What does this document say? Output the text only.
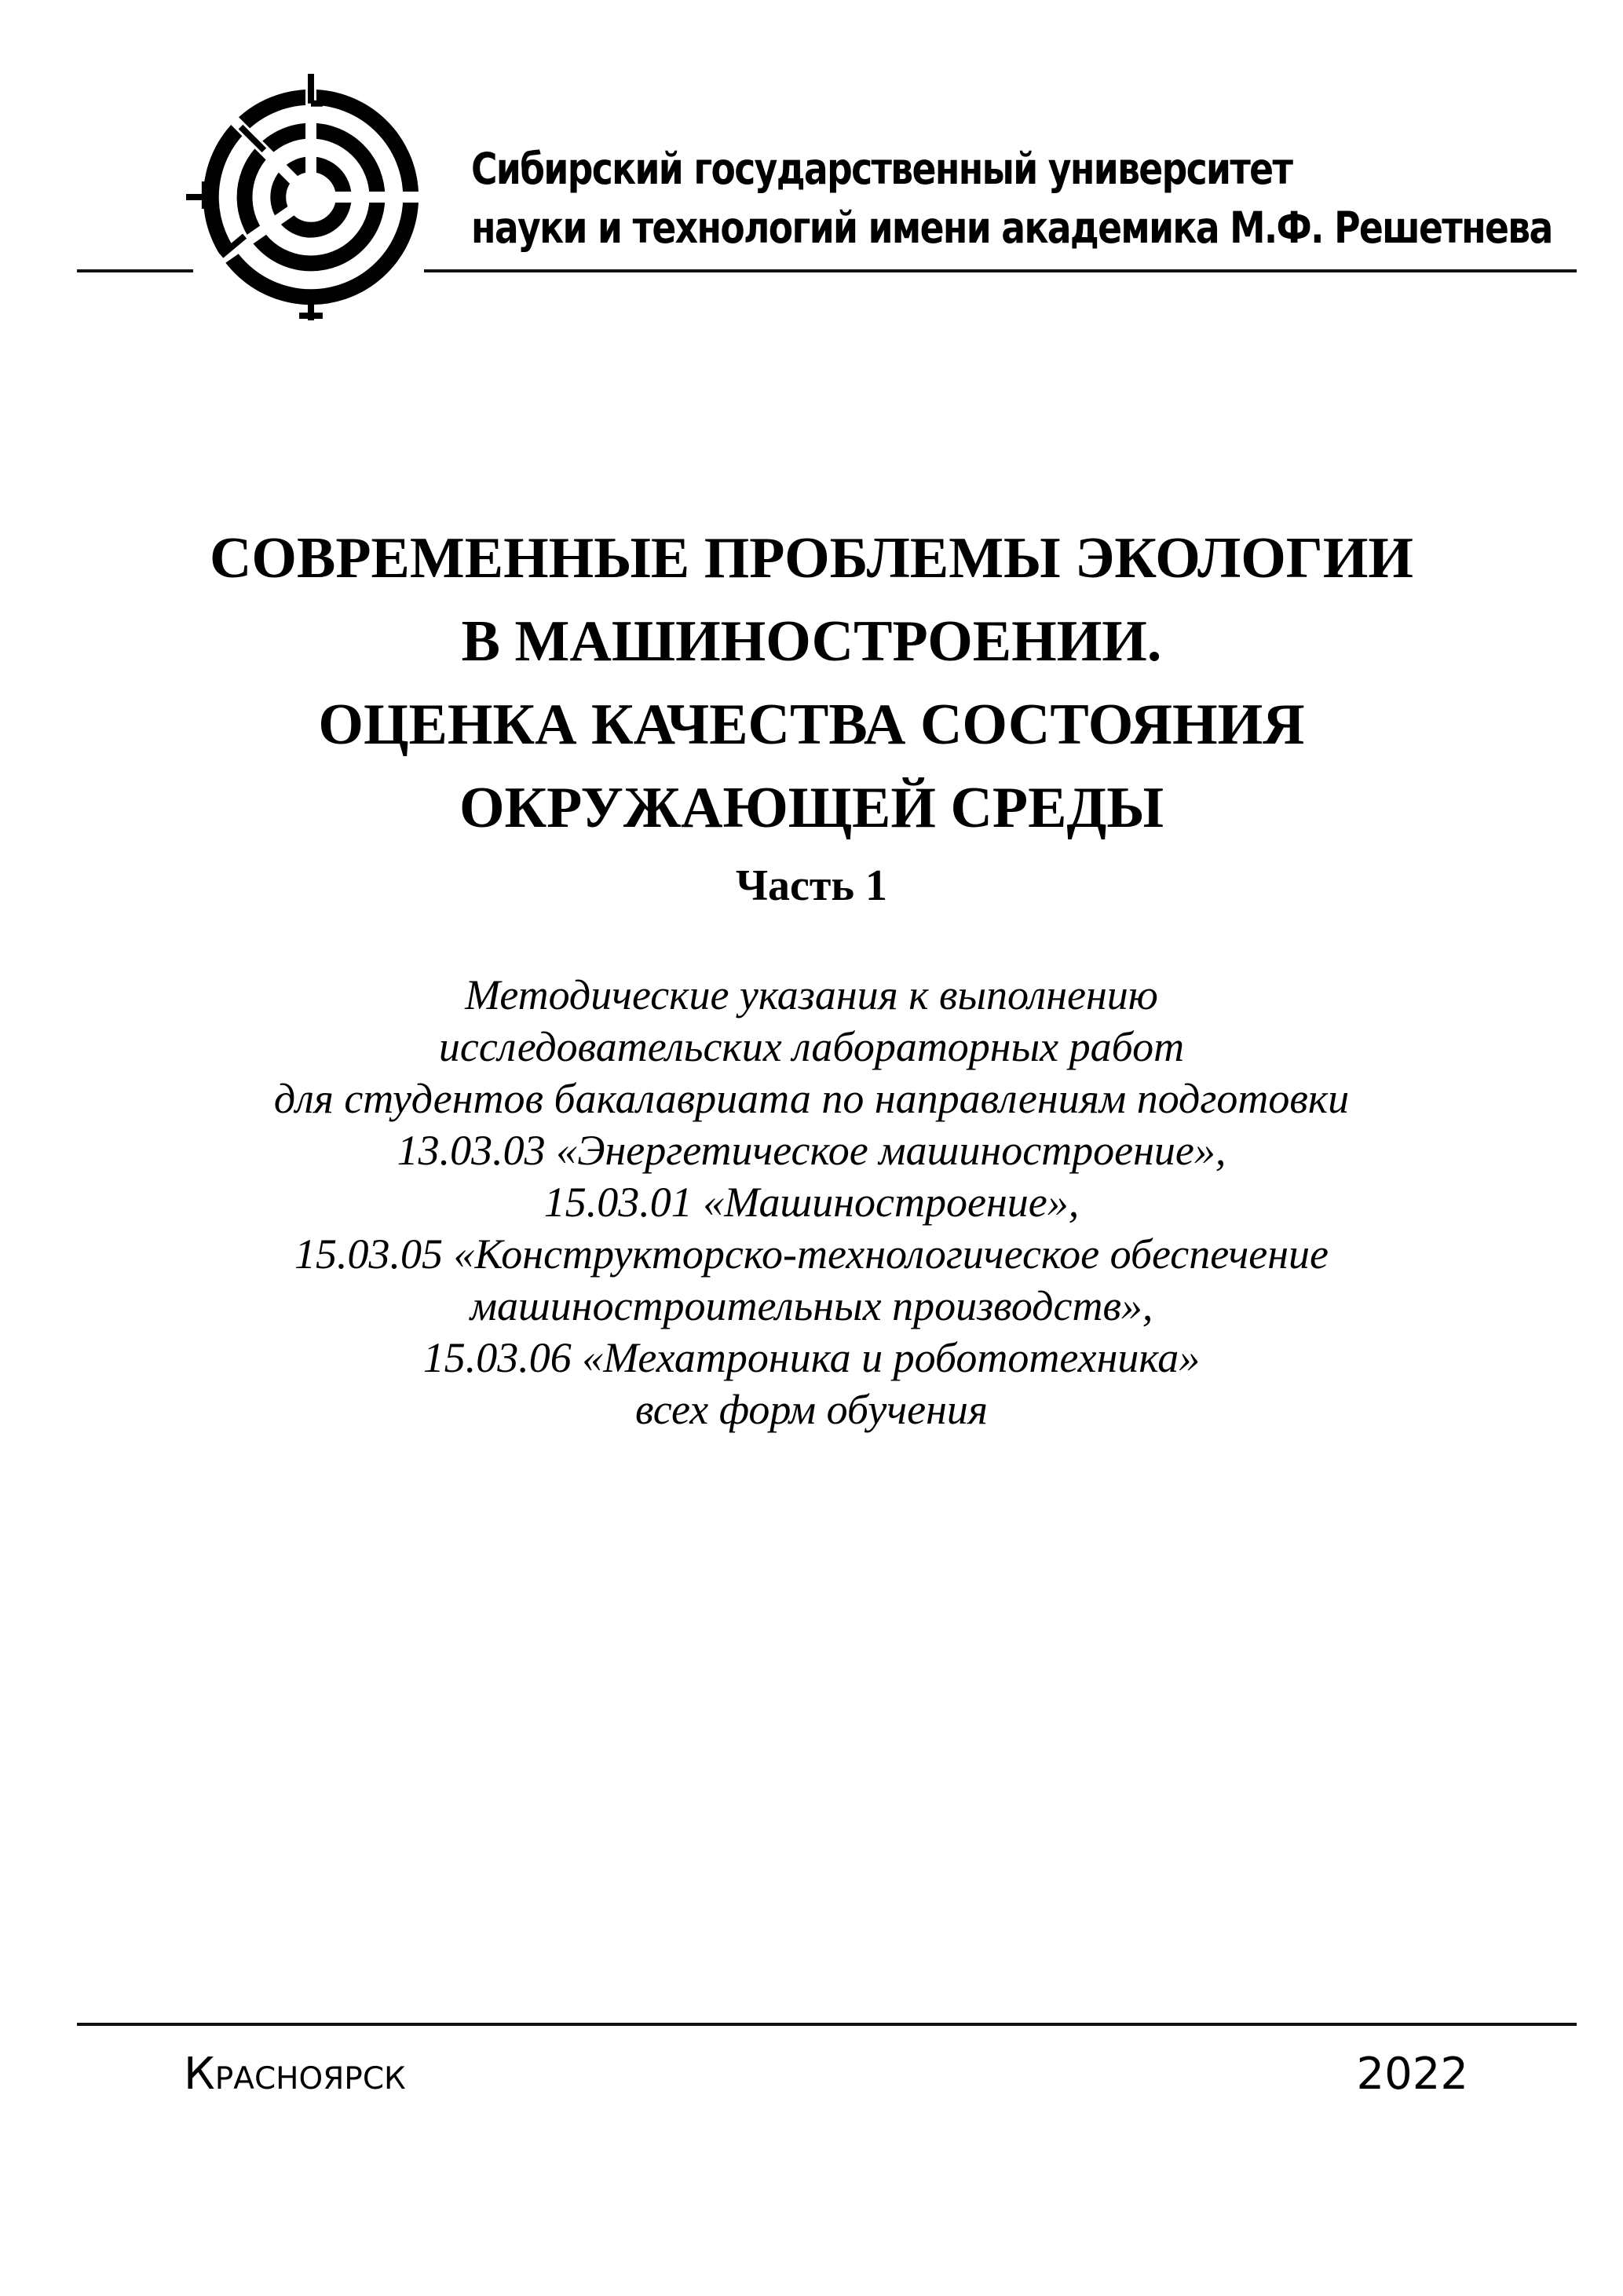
Сибирский государственный университет
науки и технологий имени академика М.Ф. Решетнева
СОВРЕМЕННЫЕ ПРОБЛЕМЫ ЭКОЛОГИИ
В МАШИНОСТРОЕНИИ.
ОЦЕНКА КАЧЕСТВА СОСТОЯНИЯ
ОКРУЖАЮЩЕЙ СРЕДЫ
Часть 1
Методические указания к выполнению
исследовательских лабораторных работ
для студентов бакалавриата по направлениям подготовки
13.03.03 «Энергетическое машиностроение»,
15.03.01 «Машиностроение»,
15.03.05 «Конструкторско-технологическое обеспечение
машиностроительных производств»,
15.03.06 «Мехатроника и робототехника»
всех форм обучения
Красноярск	2022
